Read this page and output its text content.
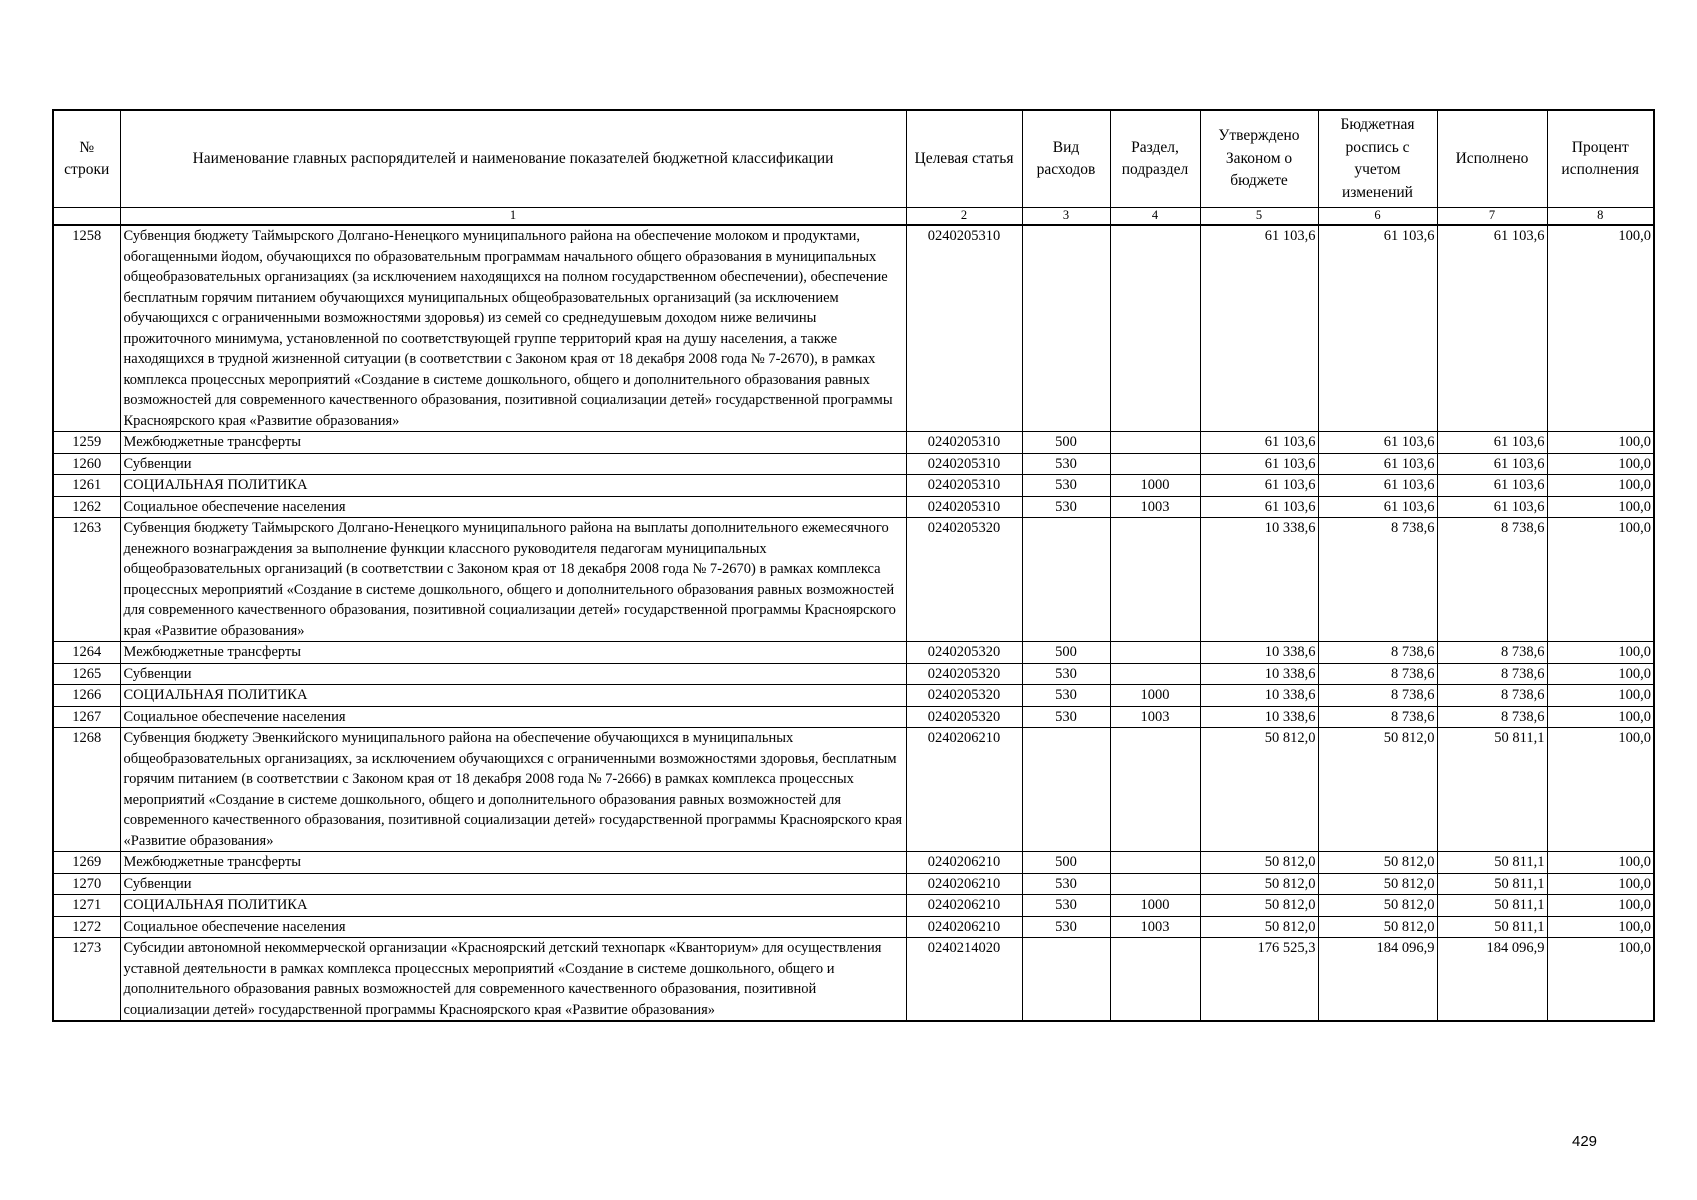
№ строки	Наименование главных распорядителей и наименование показателей бюджетной классификации	Целевая статья	Вид расходов	Раздел, подраздел	Утверждено Законом о бюджете	Бюджетная роспись с учетом изменений	Исполнено	Процент исполнения
	1	2	3	4	5	6	7	8
1258	Субвенция бюджету Таймырского Долгано-Ненецкого муниципального района на обеспечение молоком и продуктами, обогащенными йодом, обучающихся по образовательным программам начального общего образования в муниципальных общеобразовательных организациях (за исключением находящихся на полном государственном обеспечении), обеспечение бесплатным горячим питанием обучающихся муниципальных общеобразовательных организаций (за исключением обучающихся с ограниченными возможностями здоровья) из семей со среднедушевым доходом ниже величины прожиточного минимума, установленной по соответствующей группе территорий края на душу населения, а также находящихся в трудной жизненной ситуации (в соответствии с Законом края от 18 декабря 2008 года № 7-2670), в рамках комплекса процессных мероприятий «Создание в системе дошкольного, общего и дополнительного образования равных возможностей для современного качественного образования, позитивной социализации детей» государственной программы Красноярского края «Развитие образования»	0240205310			61 103,6	61 103,6	61 103,6	100,0
1259	Межбюджетные трансферты	0240205310	500		61 103,6	61 103,6	61 103,6	100,0
1260	Субвенции	0240205310	530		61 103,6	61 103,6	61 103,6	100,0
1261	СОЦИАЛЬНАЯ ПОЛИТИКА	0240205310	530	1000	61 103,6	61 103,6	61 103,6	100,0
1262	Социальное обеспечение населения	0240205310	530	1003	61 103,6	61 103,6	61 103,6	100,0
1263	Субвенция бюджету Таймырского Долгано-Ненецкого муниципального района на выплаты дополнительного ежемесячного денежного вознаграждения за выполнение функции классного руководителя педагогам муниципальных общеобразовательных организаций (в соответствии с Законом края от 18 декабря 2008 года № 7-2670) в рамках комплекса процессных мероприятий «Создание в системе дошкольного, общего и дополнительного образования равных возможностей для современного качественного образования, позитивной социализации детей» государственной программы Красноярского края «Развитие образования»	0240205320			10 338,6	8 738,6	8 738,6	100,0
1264	Межбюджетные трансферты	0240205320	500		10 338,6	8 738,6	8 738,6	100,0
1265	Субвенции	0240205320	530		10 338,6	8 738,6	8 738,6	100,0
1266	СОЦИАЛЬНАЯ ПОЛИТИКА	0240205320	530	1000	10 338,6	8 738,6	8 738,6	100,0
1267	Социальное обеспечение населения	0240205320	530	1003	10 338,6	8 738,6	8 738,6	100,0
1268	Субвенция бюджету Эвенкийского муниципального района на обеспечение обучающихся в муниципальных общеобразовательных организациях, за исключением обучающихся с ограниченными возможностями здоровья, бесплатным горячим питанием (в соответствии с Законом края от 18 декабря 2008 года № 7-2666) в рамках комплекса процессных мероприятий «Создание в системе дошкольного, общего и дополнительного образования равных возможностей для современного качественного образования, позитивной социализации детей» государственной программы Красноярского края «Развитие образования»	0240206210			50 812,0	50 812,0	50 811,1	100,0
1269	Межбюджетные трансферты	0240206210	500		50 812,0	50 812,0	50 811,1	100,0
1270	Субвенции	0240206210	530		50 812,0	50 812,0	50 811,1	100,0
1271	СОЦИАЛЬНАЯ ПОЛИТИКА	0240206210	530	1000	50 812,0	50 812,0	50 811,1	100,0
1272	Социальное обеспечение населения	0240206210	530	1003	50 812,0	50 812,0	50 811,1	100,0
1273	Субсидии автономной некоммерческой организации «Красноярский детский технопарк «Кванториум» для осуществления уставной деятельности в рамках комплекса процессных мероприятий «Создание в системе дошкольного, общего и дополнительного образования равных возможностей для современного качественного образования, позитивной социализации детей» государственной программы Красноярского края «Развитие образования»	0240214020			176 525,3	184 096,9	184 096,9	100,0
429
